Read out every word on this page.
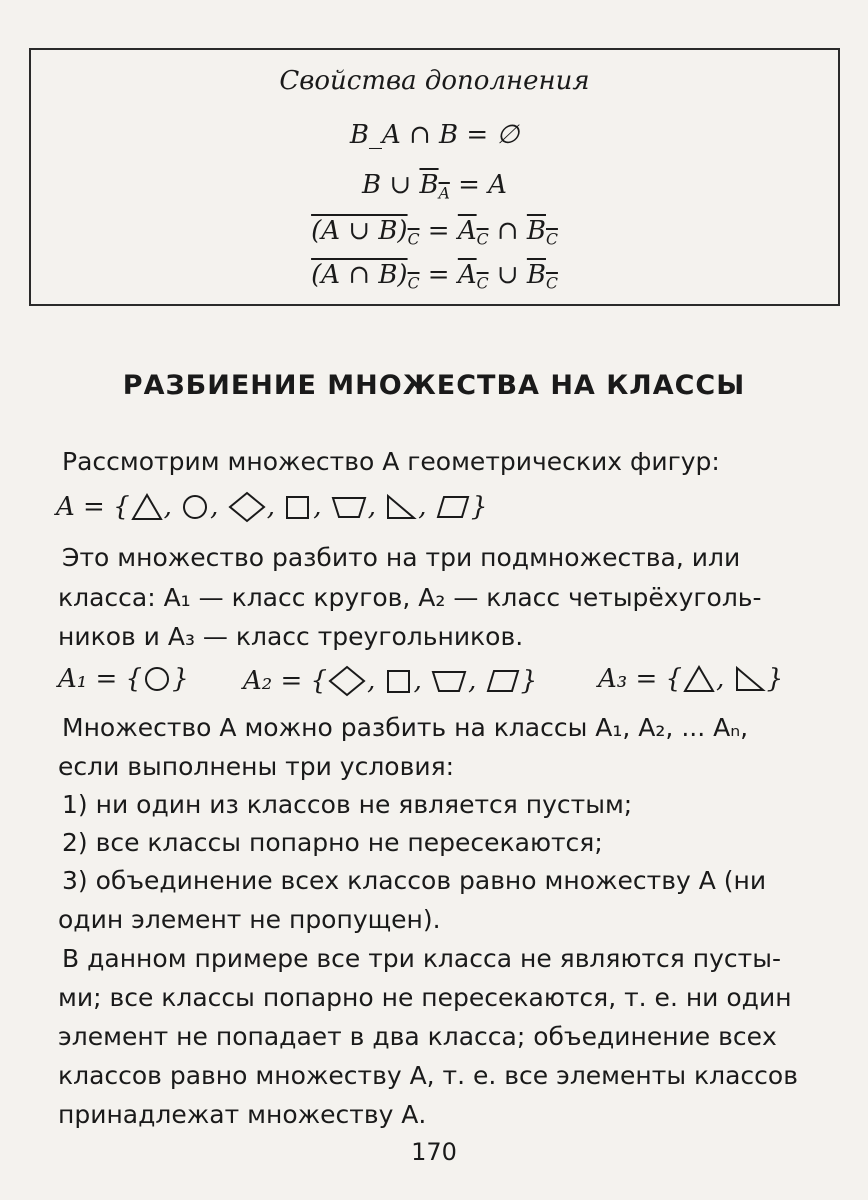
Свойства дополнения
B_A ∩ B = ∅
B ∪ $B_A = A$
(A ∪ $B)_C = A_C$ ∩ $B_C$
(A ∩ $B)_C = A_C$ ∪ $B_C$
РАЗБИЕНИЕ МНОЖЕСТВА НА КЛАССЫ
Рассмотрим множество А геометрических фигур:
A = { ,
,
,
,
,
,
}
Это множество разбито на три подмножества, или
класса: A₁ — класс кругов, A₂ — класс четырёхуголь-
ников и A₃ — класс треугольников.
A₁ = { } A₂ = { ,
,
,
} A₃ = { ,
}
Множество А можно разбить на классы A₁, A₂, ... Aₙ,
если выполнены три условия:
1) ни один из классов не является пустым;
2) все классы попарно не пересекаются;
3) объединение всех классов равно множеству А (ни
один элемент не пропущен).
В данном примере все три класса не являются пусты-
ми; все классы попарно не пересекаются, т. е. ни один
элемент не попадает в два класса; объединение всех
классов равно множеству А, т. е. все элементы классов
принадлежат множеству А.
170
